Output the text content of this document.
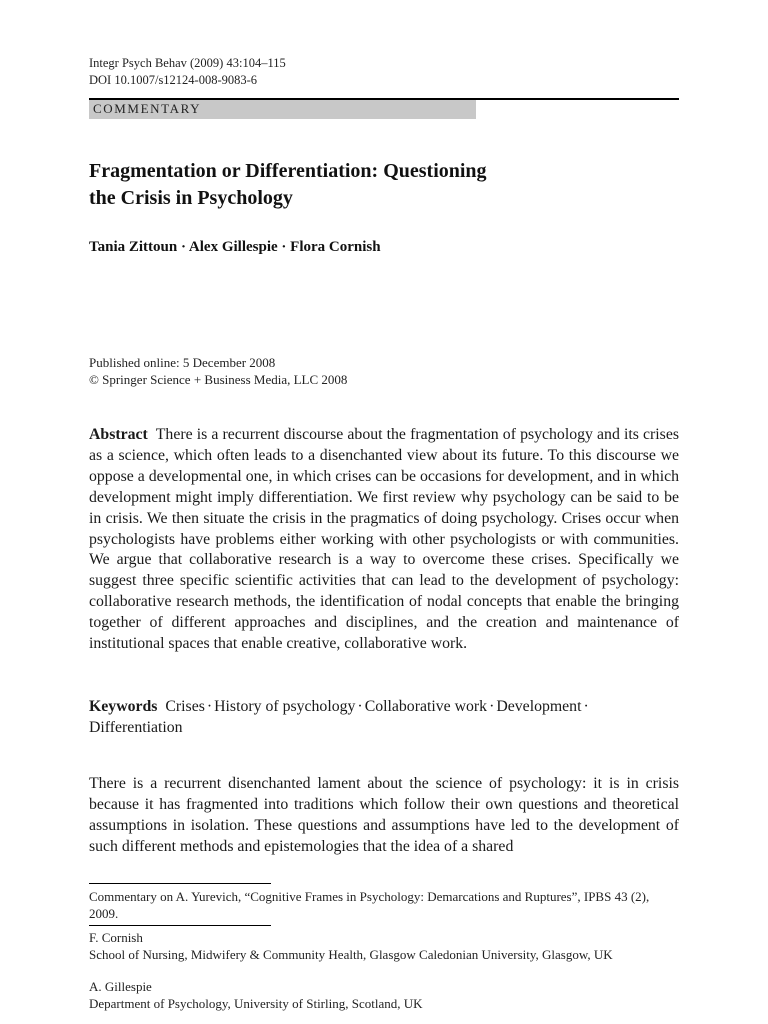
Integr Psych Behav (2009) 43:104–115
DOI 10.1007/s12124-008-9083-6
COMMENTARY
Fragmentation or Differentiation: Questioning
the Crisis in Psychology
Tania Zittoun · Alex Gillespie · Flora Cornish
Published online: 5 December 2008
© Springer Science + Business Media, LLC 2008

Abstract There is a recurrent discourse about the fragmentation of psychology and its crises as a science, which often leads to a disenchanted view about its future. To this discourse we oppose a developmental one, in which crises can be occasions for development, and in which development might imply differentiation. We first review why psychology can be said to be in crisis. We then situate the crisis in the pragmatics of doing psychology. Crises occur when psychologists have problems either working with other psychologists or with communities. We argue that collaborative research is a way to overcome these crises. Specifically we suggest three specific scientific activities that can lead to the development of psychology: collaborative research methods, the identification of nodal concepts that enable the bringing together of different approaches and disciplines, and the creation and maintenance of institutional spaces that enable creative, collaborative work.

Keywords Crises · History of psychology · Collaborative work · Development ·
Differentiation

There is a recurrent disenchanted lament about the science of psychology: it is in crisis because it has fragmented into traditions which follow their own questions and theoretical assumptions in isolation. These questions and assumptions have led to the development of such different methods and epistemologies that the idea of a shared

Commentary on A. Yurevich, “Cognitive Frames in Psychology: Demarcations and Ruptures”, IPBS 43 (2), 2009.

F. Cornish
School of Nursing, Midwifery & Community Health, Glasgow Caledonian University, Glasgow, UK
A. Gillespie
Department of Psychology, University of Stirling, Scotland, UK
